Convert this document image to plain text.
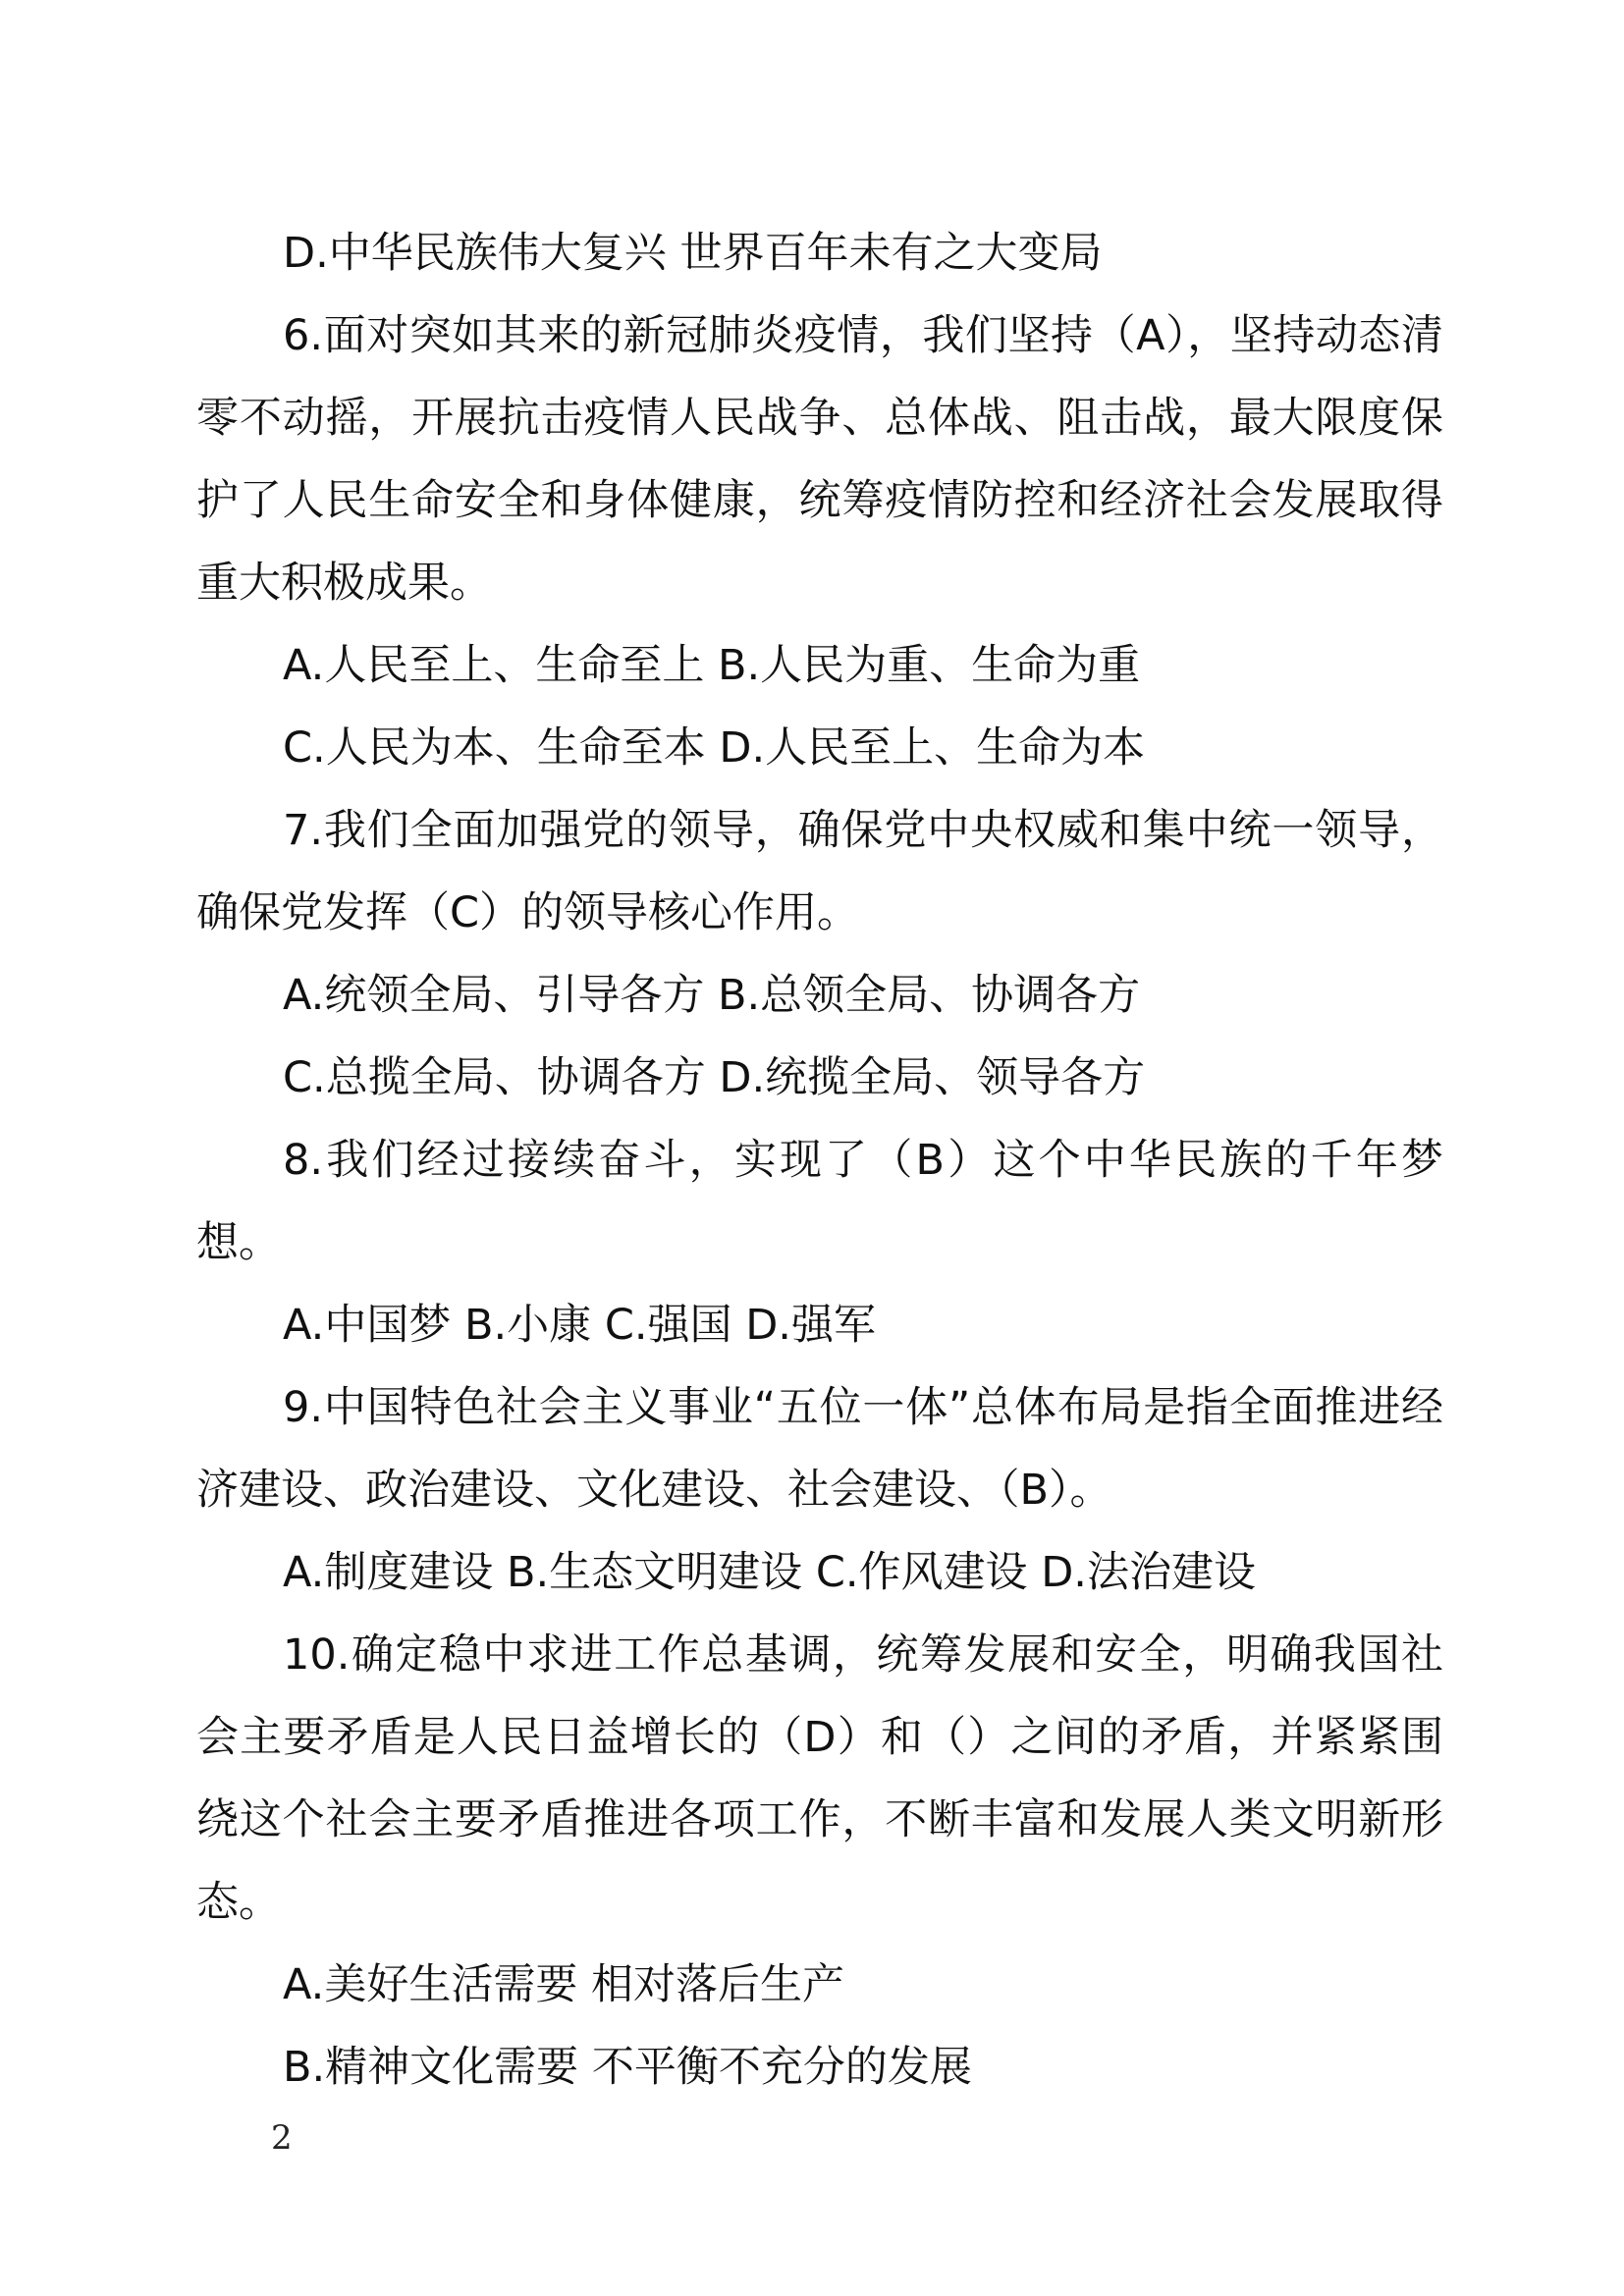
D.中华民族伟大复兴 世界百年未有之大变局
6.面对突如其来的新冠肺炎疫情，我们坚持（A），坚持动态清零不动摇，开展抗击疫情人民战争、总体战、阻击战，最大限度保护了人民生命安全和身体健康，统筹疫情防控和经济社会发展取得重大积极成果。
A.人民至上、生命至上 B.人民为重、生命为重
C.人民为本、生命至本 D.人民至上、生命为本
7.我们全面加强党的领导，确保党中央权威和集中统一领导，确保党发挥（C）的领导核心作用。
A.统领全局、引导各方 B.总领全局、协调各方
C.总揽全局、协调各方 D.统揽全局、领导各方
8.我们经过接续奋斗，实现了（B）这个中华民族的千年梦想。
A.中国梦 B.小康 C.强国 D.强军
9.中国特色社会主义事业“五位一体”总体布局是指全面推进经济建设、政治建设、文化建设、社会建设、（B）。
A.制度建设 B.生态文明建设 C.作风建设 D.法治建设
10.确定稳中求进工作总基调，统筹发展和安全，明确我国社会主要矛盾是人民日益增长的（D）和（）之间的矛盾，并紧紧围绕这个社会主要矛盾推进各项工作，不断丰富和发展人类文明新形态。
A.美好生活需要 相对落后生产
B.精神文化需要 不平衡不充分的发展
2
